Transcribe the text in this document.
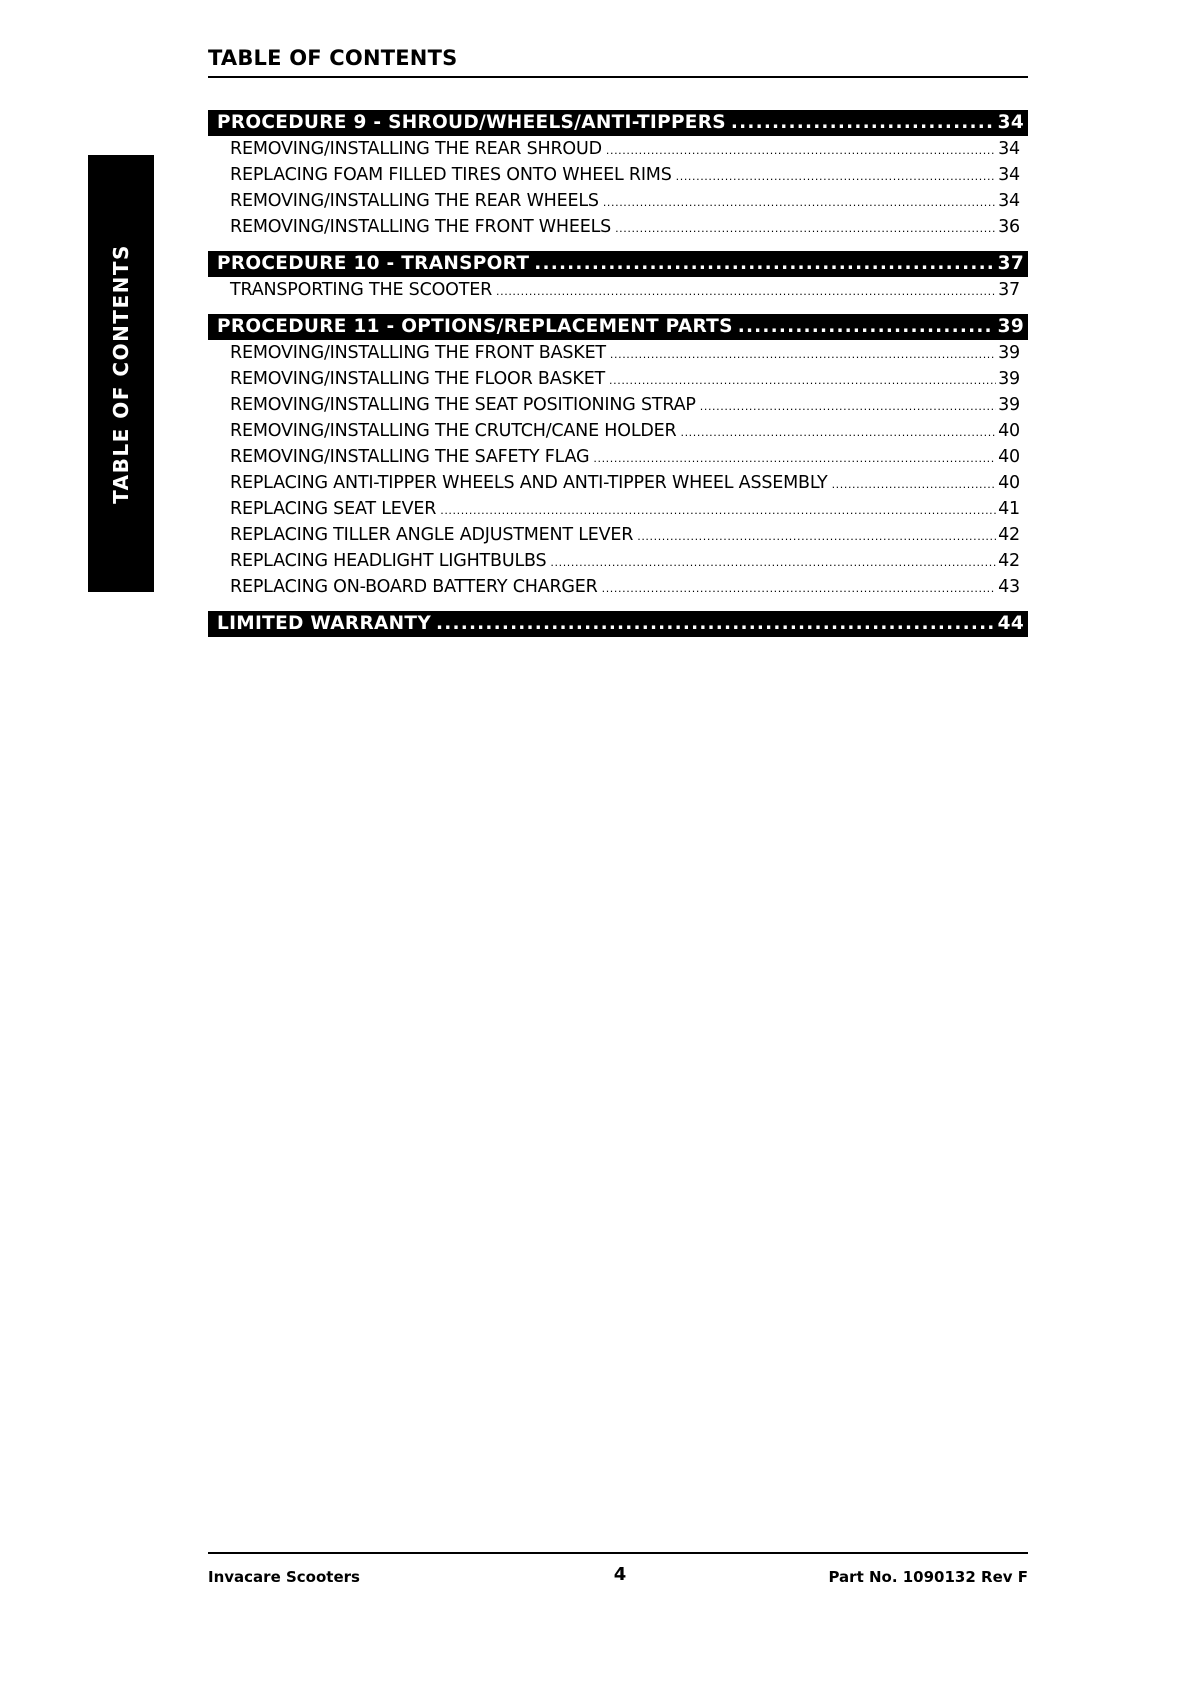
TABLE OF CONTENTS
TABLE OF CONTENTS
PROCEDURE 9 - SHROUD/WHEELS/ANTI-TIPPERS .....	34
REMOVING/INSTALLING THE REAR SHROUD .....	34
REPLACING FOAM FILLED TIRES ONTO WHEEL RIMS .....	34
REMOVING/INSTALLING THE REAR WHEELS .....	34
REMOVING/INSTALLING THE FRONT WHEELS .....	36
PROCEDURE 10 - TRANSPORT .....	37
TRANSPORTING THE SCOOTER .....	37
PROCEDURE 11 - OPTIONS/REPLACEMENT PARTS .....	39
REMOVING/INSTALLING THE FRONT BASKET .....	39
REMOVING/INSTALLING THE FLOOR BASKET .....	39
REMOVING/INSTALLING THE SEAT POSITIONING STRAP .....	39
REMOVING/INSTALLING THE CRUTCH/CANE HOLDER .....	40
REMOVING/INSTALLING THE SAFETY FLAG .....	40
REPLACING ANTI-TIPPER WHEELS AND ANTI-TIPPER WHEEL ASSEMBLY .....	40
REPLACING SEAT LEVER .....	41
REPLACING TILLER ANGLE ADJUSTMENT LEVER .....	42
REPLACING HEADLIGHT LIGHTBULBS .....	42
REPLACING ON-BOARD BATTERY CHARGER .....	43
LIMITED WARRANTY .....	44
Invacare Scooters	4	Part No. 1090132 Rev F
